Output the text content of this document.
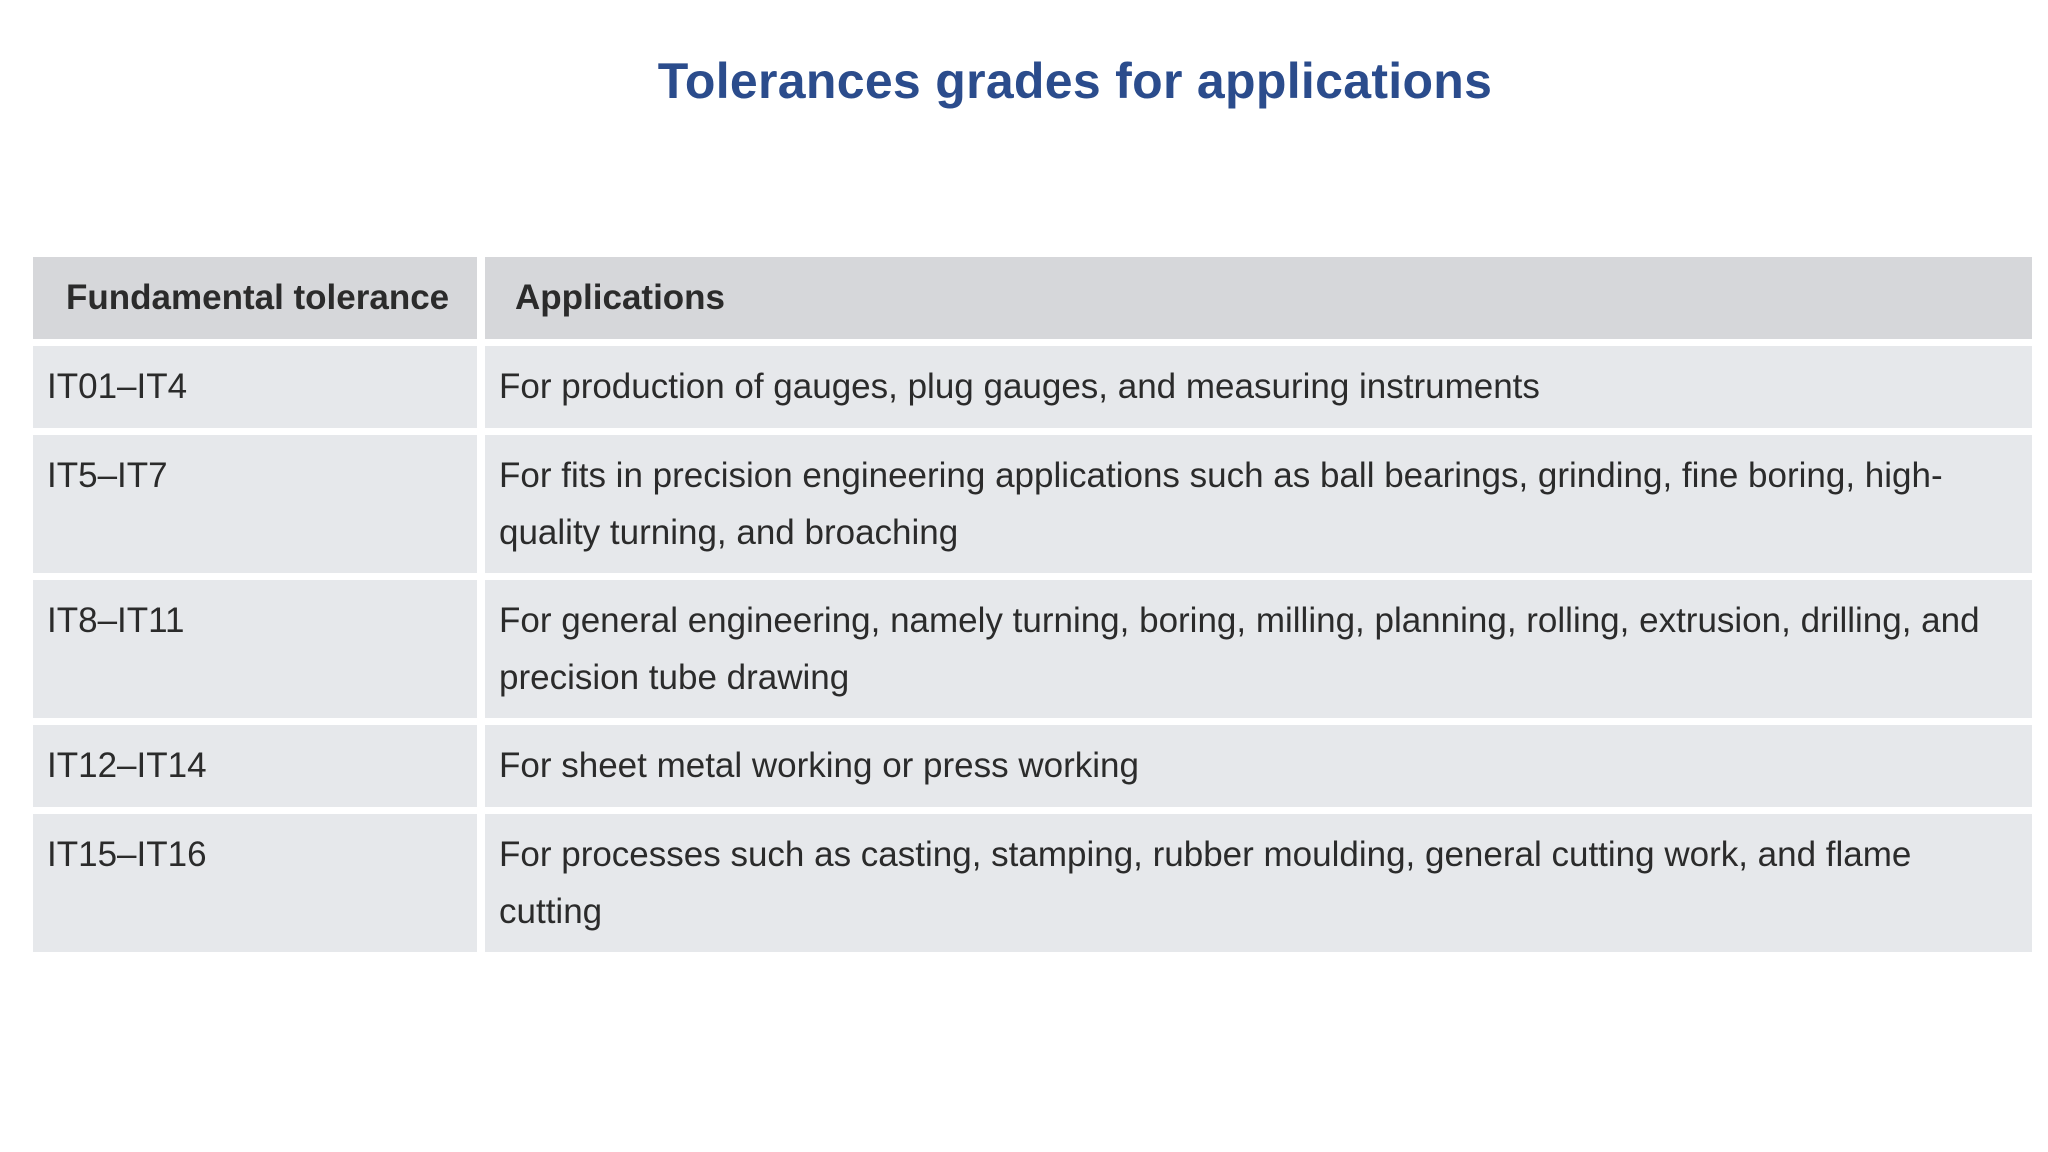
Tolerances grades for applications
Fundamental tolerance	Applications
IT01–IT4	For production of gauges, plug gauges, and measuring instruments
IT5–IT7	For fits in precision engineering applications such as ball bearings, grinding, fine boring, high-quality turning, and broaching
IT8–IT11	For general engineering, namely turning, boring, milling, planning, rolling, extrusion, drilling, and precision tube drawing
IT12–IT14	For sheet metal working or press working
IT15–IT16	For processes such as casting, stamping, rubber moulding, general cutting work, and flame cutting
